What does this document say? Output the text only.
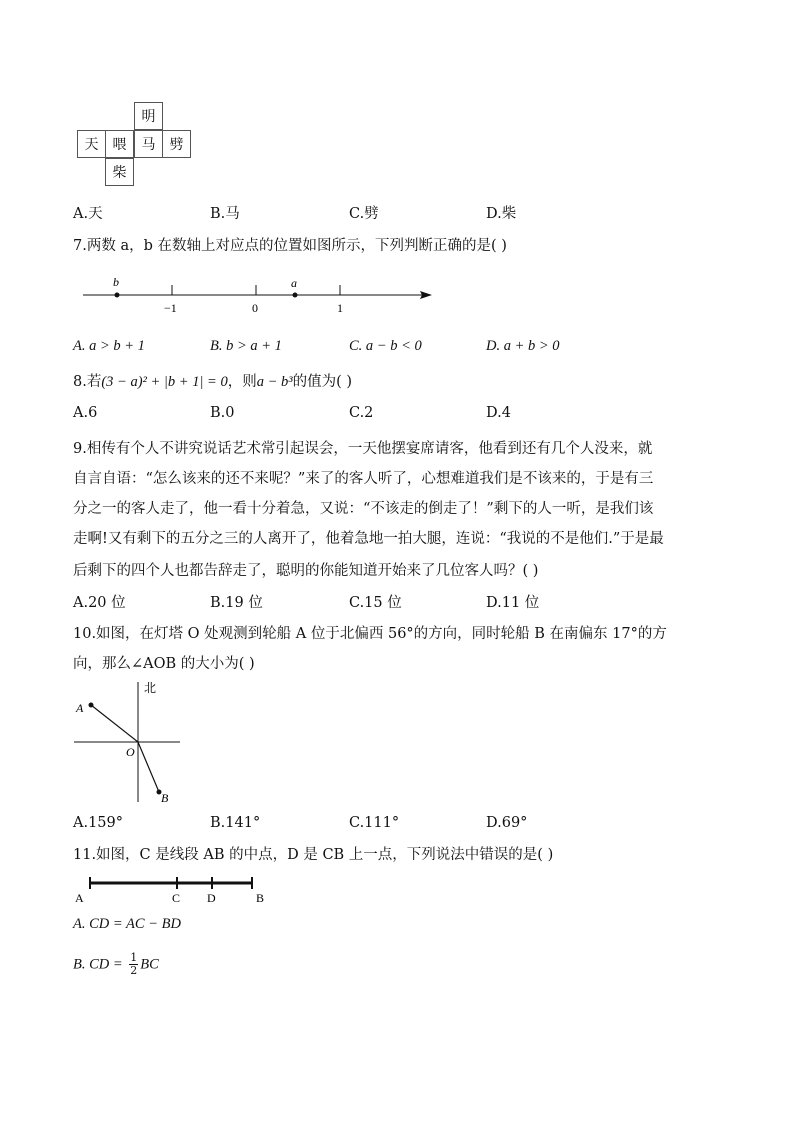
明
天	喂	马	劈
柴
A.天	B.马	C.劈	D.柴
7.两数 a，b 在数轴上对应点的位置如图所示，下列判断正确的是( )
b	a
−1	0	1
A. a > b + 1	B. b > a + 1	C. a − b < 0	D. a + b > 0
8.若(3 − a)² + |b + 1| = 0，则a − b³的值为( )
A.6	B.0	C.2	D.4
9.相传有个人不讲究说话艺术常引起误会，一天他摆宴席请客，他看到还有几个人没来，就
自言自语：“怎么该来的还不来呢？”来了的客人听了，心想难道我们是不该来的，于是有三
分之一的客人走了，他一看十分着急，又说：“不该走的倒走了！”剩下的人一听，是我们该
走啊!又有剩下的五分之三的人离开了，他着急地一拍大腿，连说：“我说的不是他们.”于是最
后剩下的四个人也都告辞走了，聪明的你能知道开始来了几位客人吗？( )
A.20 位	B.19 位	C.15 位	D.11 位
10.如图，在灯塔 O 处观测到轮船 A 位于北偏西 56°的方向，同时轮船 B 在南偏东 17°的方
向，那么∠AOB 的大小为( )
北
A
O
B
A.159°	B.141°	C.111°	D.69°
11.如图，C 是线段 AB 的中点，D 是 CB 上一点，下列说法中错误的是( )
A	C D	B
A. CD = AC − BD
B. CD = $\frac{1}{2}$ BC
